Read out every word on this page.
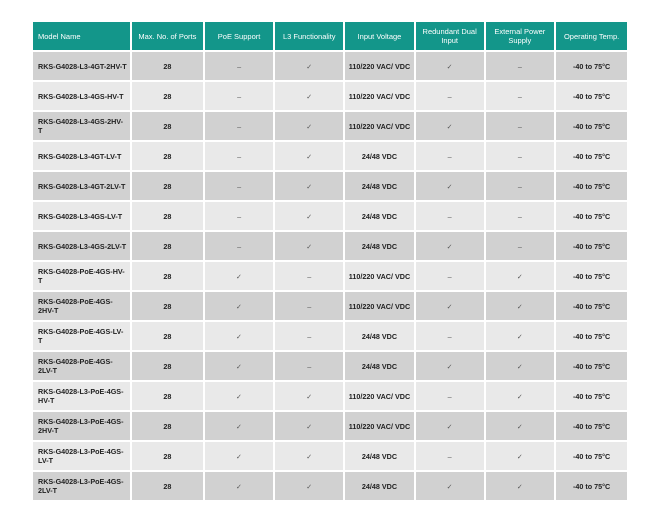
Model Name	Max. No. of Ports	PoE Support	L3 Functionality	Input Voltage	Redundant Dual Input	External Power Supply	Operating Temp.
RKS-G4028-L3-4GT-2HV-T	28	–	✓	110/220 VAC/ VDC	✓	–	-40 to 75°C
RKS-G4028-L3-4GS-HV-T	28	–	✓	110/220 VAC/ VDC	–	–	-40 to 75°C
RKS-G4028-L3-4GS-2HV-T	28	–	✓	110/220 VAC/ VDC	✓	–	-40 to 75°C
RKS-G4028-L3-4GT-LV-T	28	–	✓	24/48 VDC	–	–	-40 to 75°C
RKS-G4028-L3-4GT-2LV-T	28	–	✓	24/48 VDC	✓	–	-40 to 75°C
RKS-G4028-L3-4GS-LV-T	28	–	✓	24/48 VDC	–	–	-40 to 75°C
RKS-G4028-L3-4GS-2LV-T	28	–	✓	24/48 VDC	✓	–	-40 to 75°C
RKS-G4028-PoE-4GS-HV-T	28	✓	–	110/220 VAC/ VDC	–	✓	-40 to 75°C
RKS-G4028-PoE-4GS-2HV-T	28	✓	–	110/220 VAC/ VDC	✓	✓	-40 to 75°C
RKS-G4028-PoE-4GS-LV-T	28	✓	–	24/48 VDC	–	✓	-40 to 75°C
RKS-G4028-PoE-4GS-2LV-T	28	✓	–	24/48 VDC	✓	✓	-40 to 75°C
RKS-G4028-L3-PoE-4GS-HV-T	28	✓	✓	110/220 VAC/ VDC	–	✓	-40 to 75°C
RKS-G4028-L3-PoE-4GS-2HV-T	28	✓	✓	110/220 VAC/ VDC	✓	✓	-40 to 75°C
RKS-G4028-L3-PoE-4GS-LV-T	28	✓	✓	24/48 VDC	–	✓	-40 to 75°C
RKS-G4028-L3-PoE-4GS-2LV-T	28	✓	✓	24/48 VDC	✓	✓	-40 to 75°C
